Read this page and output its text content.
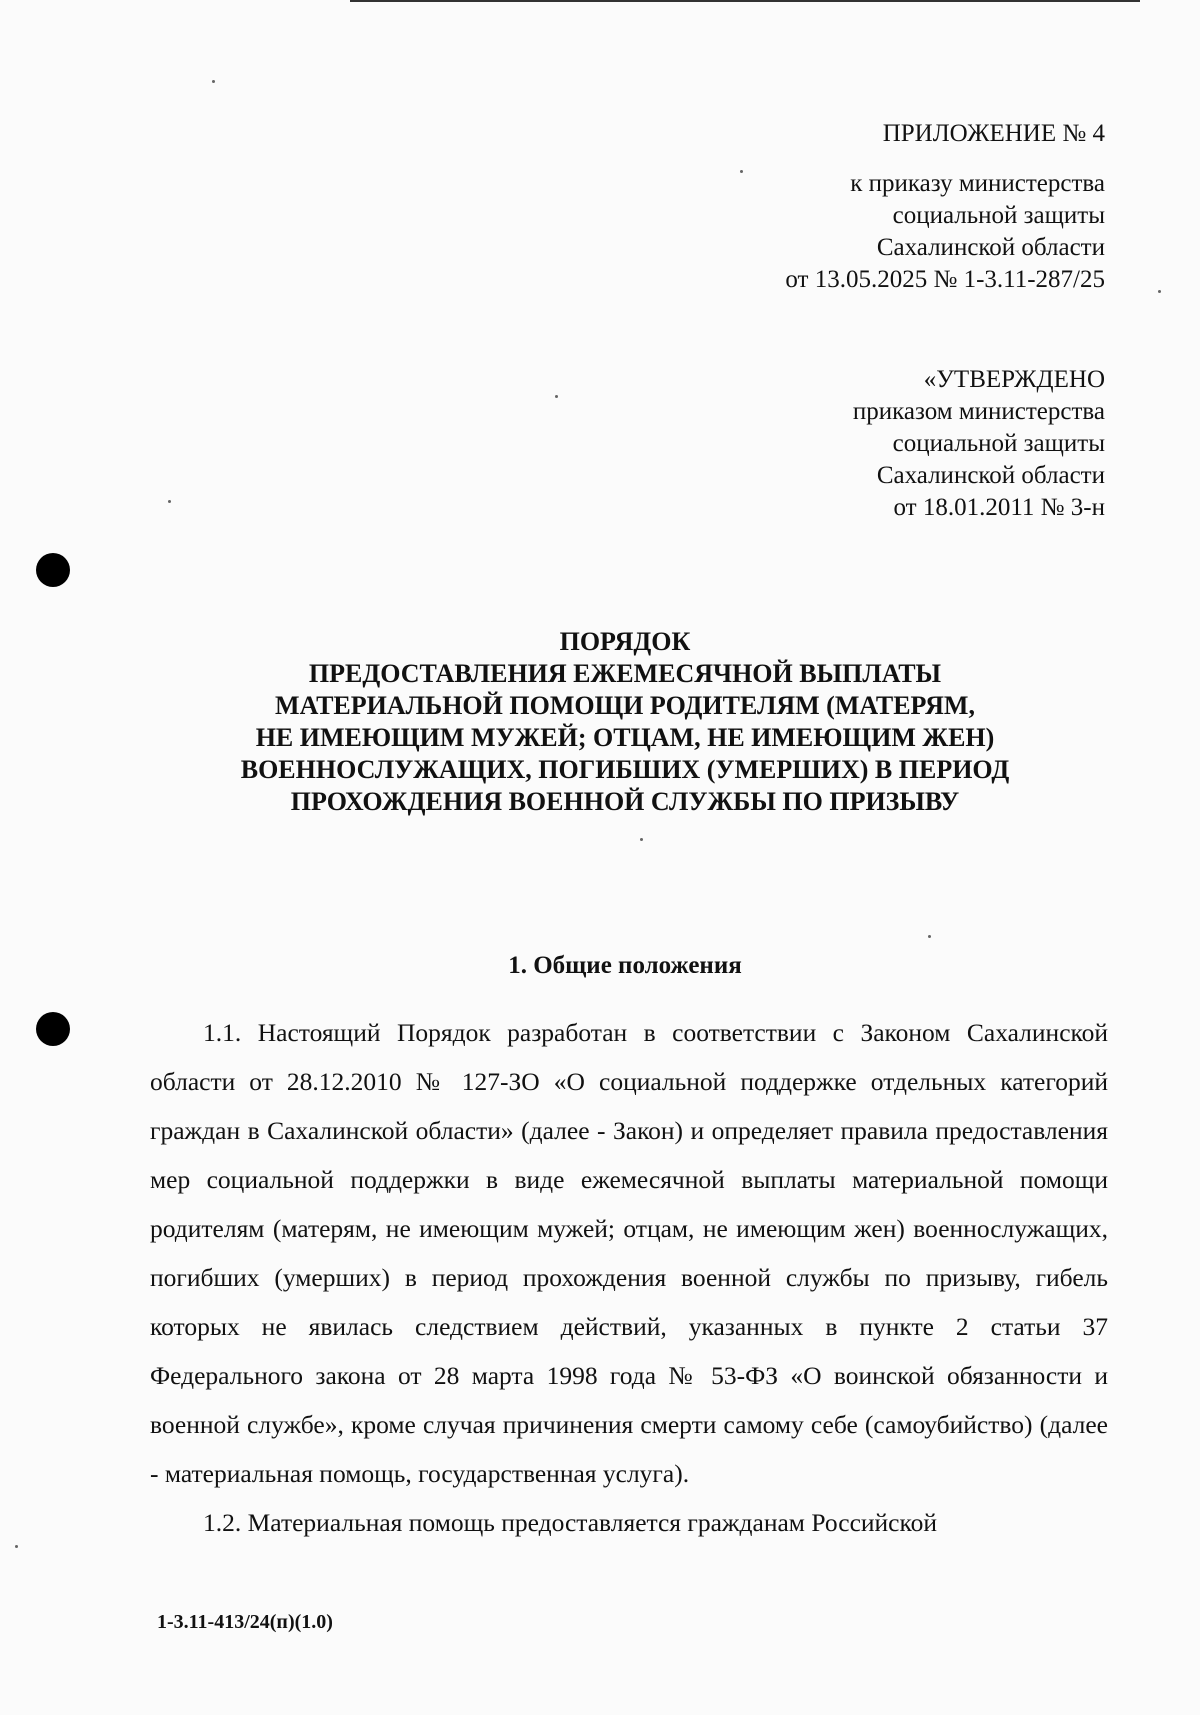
ПРИЛОЖЕНИЕ № 4
к приказу министерства
социальной защиты
Сахалинской области
от 13.05.2025 № 1-3.11-287/25
«УТВЕРЖДЕНО
приказом министерства
социальной защиты
Сахалинской области
от 18.01.2011 № 3-н
ПОРЯДОК
ПРЕДОСТАВЛЕНИЯ ЕЖЕМЕСЯЧНОЙ ВЫПЛАТЫ
МАТЕРИАЛЬНОЙ ПОМОЩИ РОДИТЕЛЯМ (МАТЕРЯМ,
НЕ ИМЕЮЩИМ МУЖЕЙ; ОТЦАМ, НЕ ИМЕЮЩИМ ЖЕН)
ВОЕННОСЛУЖАЩИХ, ПОГИБШИХ (УМЕРШИХ) В ПЕРИОД
ПРОХОЖДЕНИЯ ВОЕННОЙ СЛУЖБЫ ПО ПРИЗЫВУ
1. Общие положения

1.1. Настоящий Порядок разработан в соответствии с Законом Сахалинской области от 28.12.2010 № 127-ЗО «О социальной поддержке отдельных категорий граждан в Сахалинской области» (далее - Закон) и определяет правила предоставления мер социальной поддержки в виде ежемесячной выплаты материальной помощи родителям (матерям, не имеющим мужей; отцам, не имеющим жен) военнослужащих, погибших (умерших) в период прохождения военной службы по призыву, гибель которых не явилась следствием действий, указанных в пункте 2 статьи 37 Федерального закона от 28 марта 1998 года № 53-ФЗ «О воинской обязанности и военной службе», кроме случая причинения смерти самому себе (самоубийство) (далее - материальная помощь, государственная услуга).

1.2. Материальная помощь предоставляется гражданам Российской

1-3.11-413/24(п)(1.0)
